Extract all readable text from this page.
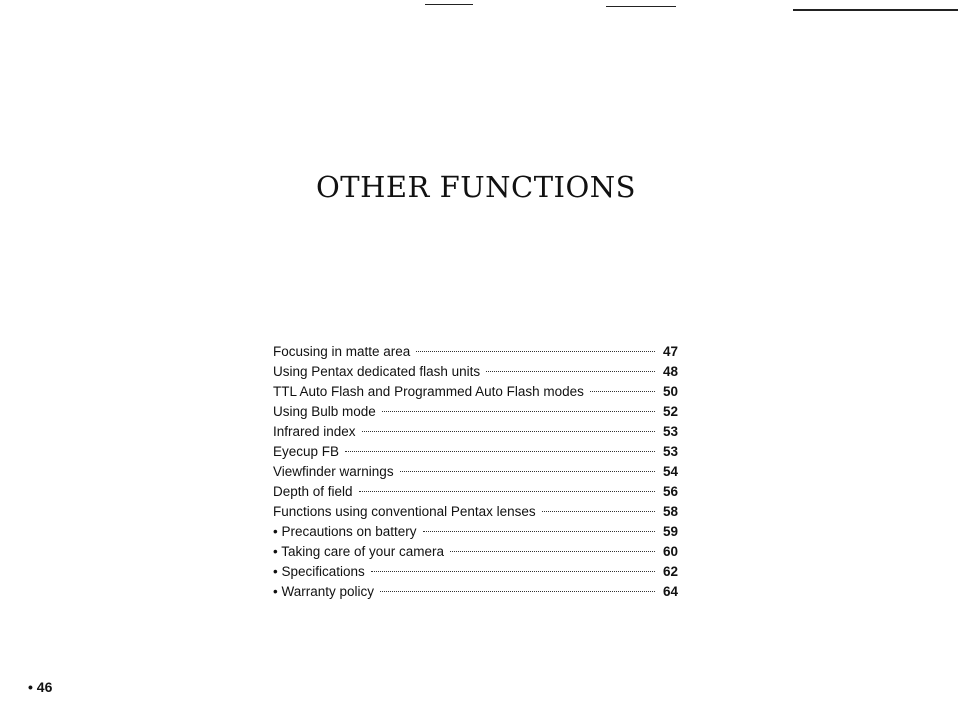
OTHER FUNCTIONS
Focusing in matte area	47
Using Pentax dedicated flash units	48
TTL Auto Flash and Programmed Auto Flash modes	50
Using Bulb mode	52
Infrared index	53
Eyecup FB	53
Viewfinder warnings	54
Depth of field	56
Functions using conventional Pentax lenses	58
• Precautions on battery	59
• Taking care of your camera	60
• Specifications	62
• Warranty policy	64
• 46
